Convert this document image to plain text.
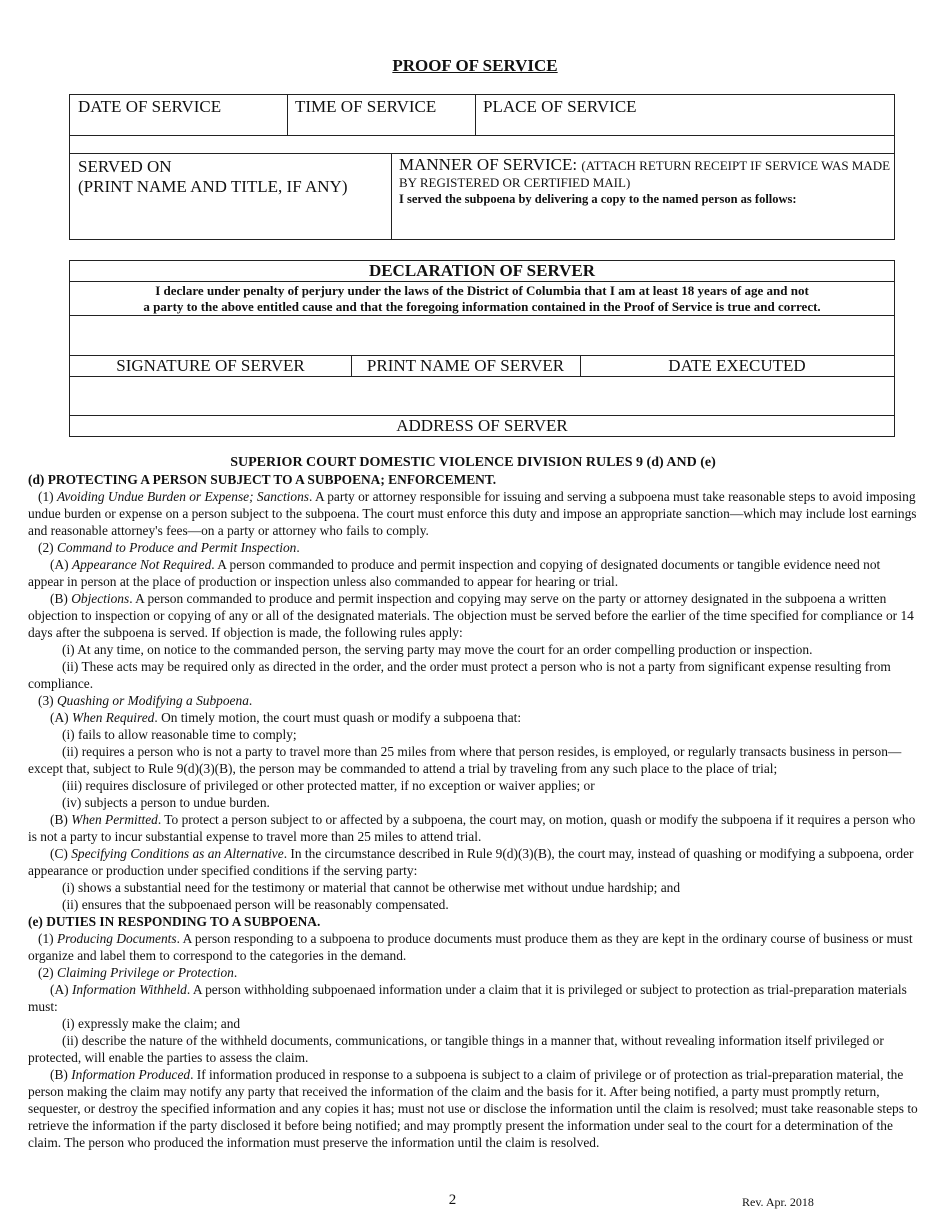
PROOF OF SERVICE
DATE OF SERVICE	TIME OF SERVICE	PLACE OF SERVICE
SERVED ON
(PRINT NAME AND TITLE, IF ANY)
MANNER OF SERVICE: (ATTACH RETURN RECEIPT IF SERVICE WAS MADE BY REGISTERED OR CERTIFIED MAIL)
I served the subpoena by delivering a copy to the named person as follows:
DECLARATION OF SERVER
I declare under penalty of perjury under the laws of the District of Columbia that I am at least 18 years of age and not
a party to the above entitled cause and that the foregoing information contained in the Proof of Service is true and correct.
SIGNATURE OF SERVER	PRINT NAME OF SERVER	DATE EXECUTED
ADDRESS OF SERVER

SUPERIOR COURT DOMESTIC VIOLENCE DIVISION RULES 9 (d) AND (e)

(d) PROTECTING A PERSON SUBJECT TO A SUBPOENA; ENFORCEMENT.

(1) Avoiding Undue Burden or Expense; Sanctions. A party or attorney responsible for issuing and serving a subpoena must take reasonable steps to avoid imposing undue burden or expense on a person subject to the subpoena. The court must enforce this duty and impose an appropriate sanction—which may include lost earnings and reasonable attorney's fees—on a party or attorney who fails to comply.

(2) Command to Produce and Permit Inspection.

(A) Appearance Not Required. A person commanded to produce and permit inspection and copying of designated documents or tangible evidence need not appear in person at the place of production or inspection unless also commanded to appear for hearing or trial.

(B) Objections. A person commanded to produce and permit inspection and copying may serve on the party or attorney designated in the subpoena a written objection to inspection or copying of any or all of the designated materials. The objection must be served before the earlier of the time specified for compliance or 14 days after the subpoena is served. If objection is made, the following rules apply:

(i) At any time, on notice to the commanded person, the serving party may move the court for an order compelling production or inspection.

(ii) These acts may be required only as directed in the order, and the order must protect a person who is not a party from significant expense resulting from compliance.

(3) Quashing or Modifying a Subpoena.

(A) When Required. On timely motion, the court must quash or modify a subpoena that:

(i) fails to allow reasonable time to comply;

(ii) requires a person who is not a party to travel more than 25 miles from where that person resides, is employed, or regularly transacts business in person—except that, subject to Rule 9(d)(3)(B), the person may be commanded to attend a trial by traveling from any such place to the place of trial;

(iii) requires disclosure of privileged or other protected matter, if no exception or waiver applies; or

(iv) subjects a person to undue burden.

(B) When Permitted. To protect a person subject to or affected by a subpoena, the court may, on motion, quash or modify the subpoena if it requires a person who is not a party to incur substantial expense to travel more than 25 miles to attend trial.

(C) Specifying Conditions as an Alternative. In the circumstance described in Rule 9(d)(3)(B), the court may, instead of quashing or modifying a subpoena, order appearance or production under specified conditions if the serving party:

(i) shows a substantial need for the testimony or material that cannot be otherwise met without undue hardship; and

(ii) ensures that the subpoenaed person will be reasonably compensated.

(e) DUTIES IN RESPONDING TO A SUBPOENA.

(1) Producing Documents. A person responding to a subpoena to produce documents must produce them as they are kept in the ordinary course of business or must organize and label them to correspond to the categories in the demand.

(2) Claiming Privilege or Protection.

(A) Information Withheld. A person withholding subpoenaed information under a claim that it is privileged or subject to protection as trial-preparation materials must:

(i) expressly make the claim; and

(ii) describe the nature of the withheld documents, communications, or tangible things in a manner that, without revealing information itself privileged or protected, will enable the parties to assess the claim.

(B) Information Produced. If information produced in response to a subpoena is subject to a claim of privilege or of protection as trial-preparation material, the person making the claim may notify any party that received the information of the claim and the basis for it. After being notified, a party must promptly return, sequester, or destroy the specified information and any copies it has; must not use or disclose the information until the claim is resolved; must take reasonable steps to retrieve the information if the party disclosed it before being notified; and may promptly present the information under seal to the court for a determination of the claim. The person who produced the information must preserve the information until the claim is resolved.

2	Rev. Apr. 2018
